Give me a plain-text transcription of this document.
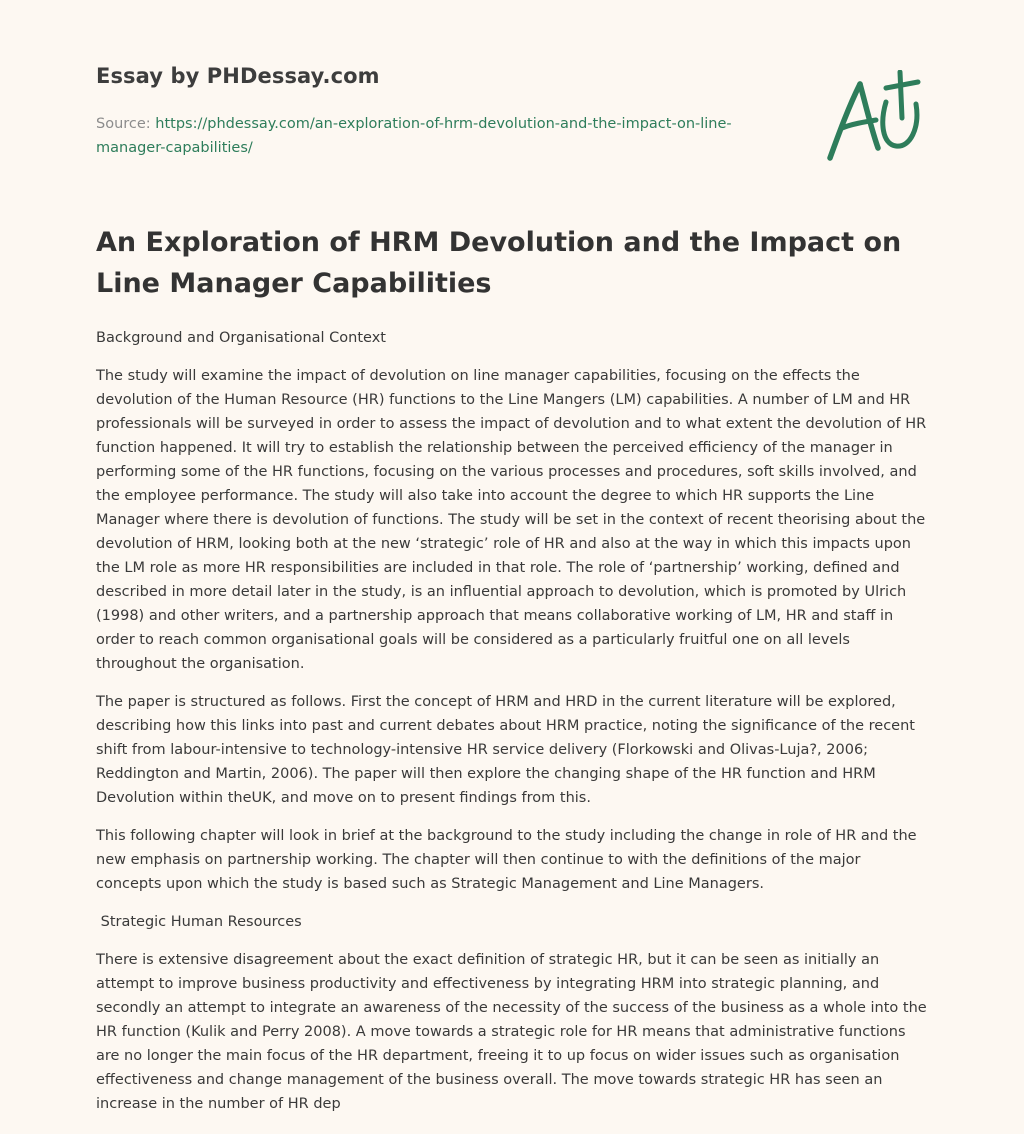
Essay by PHDessay.com
Source: https://phdessay.com/an-exploration-of-hrm-devolution-and-the-impact-on-line-manager-capabilities/
An Exploration of HRM Devolution and the Impact on Line Manager Capabilities

Background and Organisational Context

The study will examine the impact of devolution on line manager capabilities, focusing on the effects the devolution of the Human Resource (HR) functions to the Line Mangers (LM) capabilities. A number of LM and HR professionals will be surveyed in order to assess the impact of devolution and to what extent the devolution of HR function happened. It will try to establish the relationship between the perceived efficiency of the manager in performing some of the HR functions, focusing on the various processes and procedures, soft skills involved, and the employee performance. The study will also take into account the degree to which HR supports the Line Manager where there is devolution of functions. The study will be set in the context of recent theorising about the devolution of HRM, looking both at the new ‘strategic’ role of HR and also at the way in which this impacts upon the LM role as more HR responsibilities are included in that role. The role of ‘partnership’ working, defined and described in more detail later in the study, is an influential approach to devolution, which is promoted by Ulrich (1998) and other writers, and a partnership approach that means collaborative working of LM, HR and staff in order to reach common organisational goals will be considered as a particularly fruitful one on all levels throughout the organisation.

The paper is structured as follows. First the concept of HRM and HRD in the current literature will be explored, describing how this links into past and current debates about HRM practice, noting the significance of the recent shift from labour-intensive to technology-intensive HR service delivery (Florkowski and Olivas-Luja?, 2006; Reddington and Martin, 2006). The paper will then explore the changing shape of the HR function and HRM Devolution within theUK, and move on to present findings from this.

This following chapter will look in brief at the background to the study including the change in role of HR and the new emphasis on partnership working. The chapter will then continue to with the definitions of the major concepts upon which the study is based such as Strategic Management and Line Managers.

Strategic Human Resources

There is extensive disagreement about the exact definition of strategic HR, but it can be seen as initially an attempt to improve business productivity and effectiveness by integrating HRM into strategic planning, and secondly an attempt to integrate an awareness of the necessity of the success of the business as a whole into the HR function (Kulik and Perry 2008). A move towards a strategic role for HR means that administrative functions are no longer the main focus of the HR department, freeing it to up focus on wider issues such as organisation effectiveness and change management of the business overall. The move towards strategic HR has seen an increase in the number of HR dep
